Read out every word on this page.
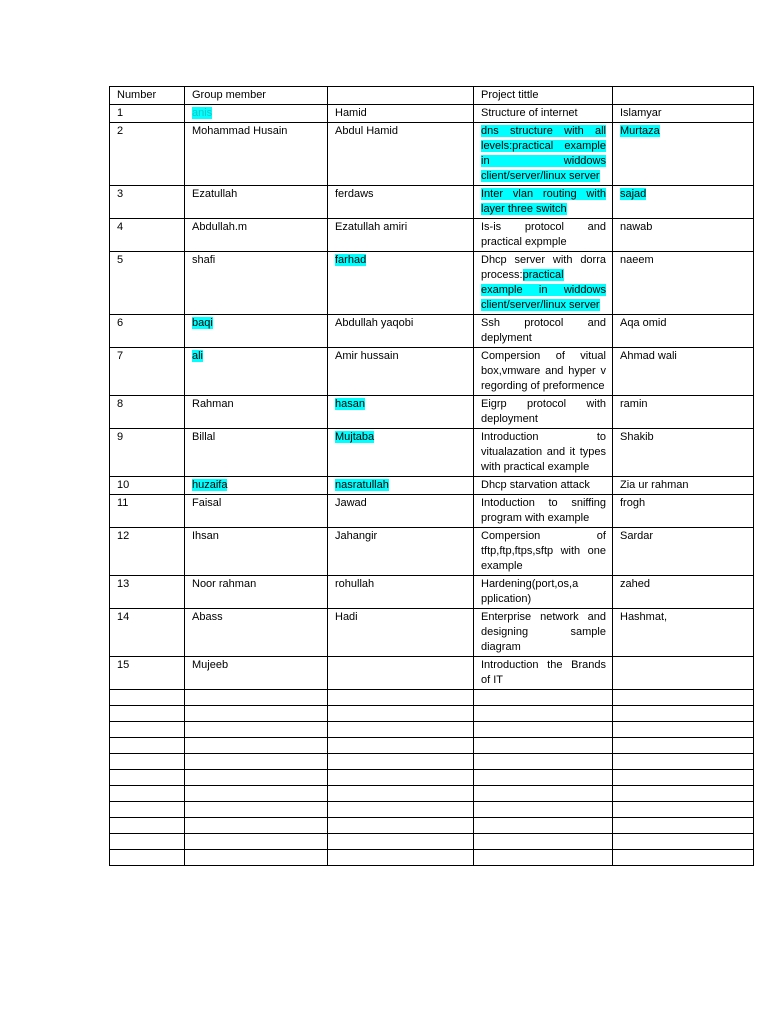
Number	Group member		Project tittle	
1	anis	Hamid	Structure of internet	Islamyar
2	Mohammad Husain	Abdul Hamid	dns structure with all levels:practical example in widdows client/server/linux server	Murtaza
3	Ezatullah	ferdaws	Inter vlan routing with layer three switch	sajad
4	Abdullah.m	Ezatullah amiri	Is-is protocol and practical expmple	nawab
5	shafi	farhad	Dhcp server with dorra process:practical example in widdows client/server/linux server	naeem
6	baqi	Abdullah yaqobi	Ssh protocol and deplyment	Aqa omid
7	ali	Amir hussain	Compersion of vitual box,vmware and hyper v regording of preformence	Ahmad wali
8	Rahman	hasan	Eigrp protocol with deployment	ramin
9	Billal	Mujtaba	Introduction to vitualazation and it types with practical example	Shakib
10	huzaifa	nasratullah	Dhcp starvation attack	Zia ur rahman
11	Faisal	Jawad	Intoduction to sniffing program with example	frogh
12	Ihsan	Jahangir	Compersion of tftp,ftp,ftps,sftp with one example	Sardar
13	Noor rahman	rohullah	Hardening(port,os,a pplication)	zahed
14	Abass	Hadi	Enterprise network and designing sample diagram	Hashmat,
15	Mujeeb		Introduction the Brands of IT	
